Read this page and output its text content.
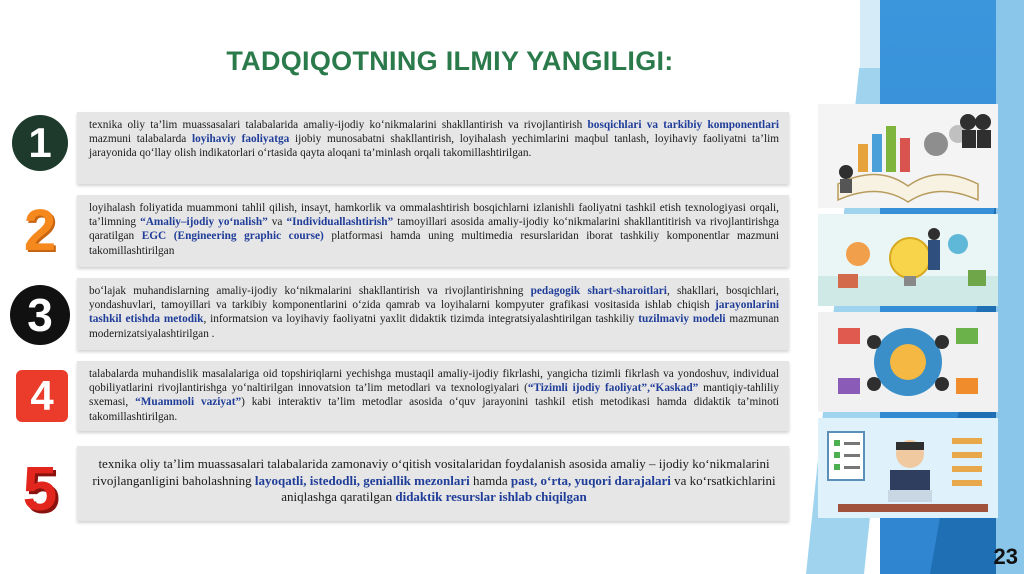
TADQIQOTNING ILMIY YANGILIGI:
1
2
3
4
5
texnika oliy ta’lim muassasalari talabalarida amaliy-ijodiy ko‘nikmalarini shakllantirish va rivojlantirish bosqichlari va tarkibiy komponentlari mazmuni talabalarda loyihaviy faoliyatga ijobiy munosabatni shakllantirish, loyihalash yechimlarini maqbul tanlash, loyihaviy faoliyatni ta’lim jarayonida qo‘llay olish indikatorlari o‘rtasida qayta aloqani ta’minlash orqali takomillashtirilgan.
loyihalash foliyatida muammoni tahlil qilish, insayt, hamkorlik va ommalashtirish bosqichlarni izlanishli faoliyatni tashkil etish texnologiyasi orqali, ta’limning “Amaliy–ijodiy yo‘nalish” va “Individuallashtirish” tamoyillari asosida amaliy-ijodiy ko‘nikmalarini shakllantitirish va rivojlantirishga qaratilgan EGC (Engineering graphic course) platformasi hamda uning multimedia resurslaridan iborat tashkiliy komponentlar mazmuni takomillashtirilgan
bo‘lajak muhandislarning amaliy-ijodiy ko‘nikmalarini shakllantirish va rivojlantirishning pedagogik shart-sharoitlari, shakllari, bosqichlari, yondashuvlari, tamoyillari va tarkibiy komponentlarini o‘zida qamrab va loyihalarni kompyuter grafikasi vositasida ishlab chiqish jarayonlarini tashkil etishda metodik, informatsion va loyihaviy faoliyatni yaxlit didaktik tizimda integratsiyalashtirilgan tashkiliy tuzilmaviy modeli mazmunan modernizatsiyalashtirilgan .
talabalarda muhandislik masalalariga oid topshiriqlarni yechishga mustaqil amaliy-ijodiy fikrlashi, yangicha tizimli fikrlash va yondoshuv, individual qobiliyatlarini rivojlantirishga yo‘naltirilgan innovatsion ta’lim metodlari va texnologiyalari (“Tizimli ijodiy faoliyat”,“Kaskad” mantiqiy-tahliliy sxemasi, “Muammoli vaziyat”) kabi interaktiv ta’lim metodlar asosida o‘quv jarayonini tashkil etish metodikasi hamda didaktik ta’minoti takomillashtirilgan.
texnika oliy ta’lim muassasalari talabalarida zamonaviy o‘qitish vositalaridan foydalanish asosida amaliy – ijodiy ko‘nikmalarini rivojlanganligini baholashning layoqatli, istedodli, geniallik mezonlari hamda past, o‘rta, yuqori darajalari va ko‘rsatkichlarini aniqlashga qaratilgan didaktik resurslar ishlab chiqilgan
23
